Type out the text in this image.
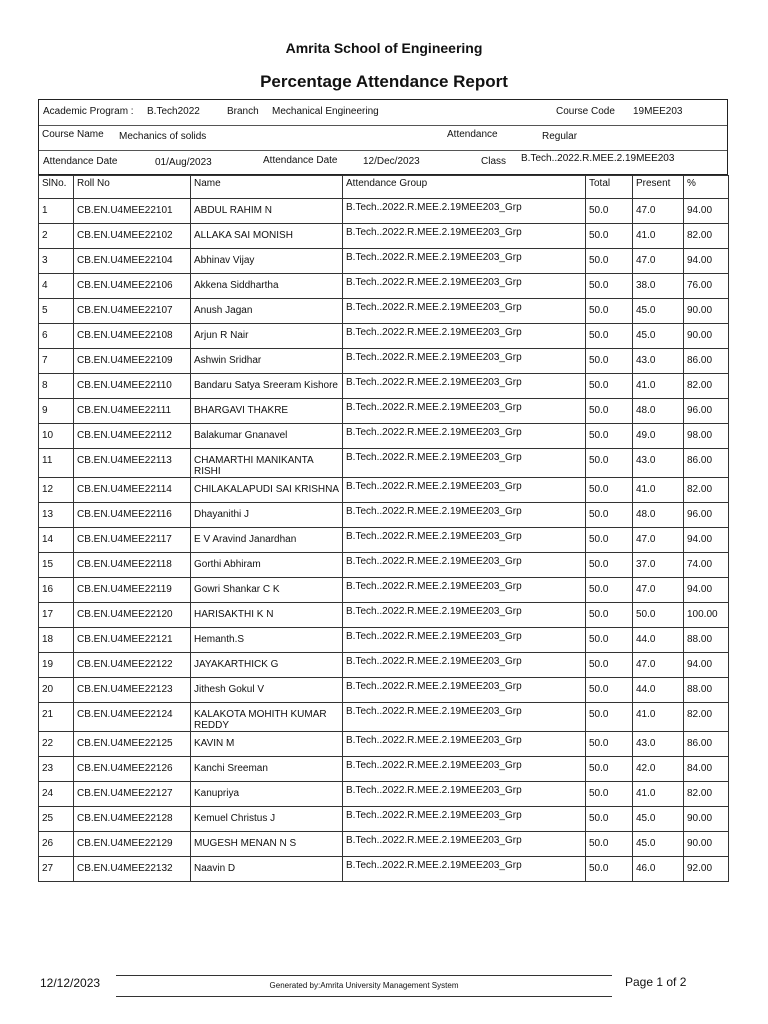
Amrita School of Engineering
Percentage Attendance Report
Academic Program : B.Tech2022	Branch Mechanical Engineering	Course Code 19MEE203
Course Name Mechanics of solids	Attendance	Regular
Attendance Date	01/Aug/2023	Attendance Date	12/Dec/2023	Class B.Tech..2022.R.MEE.2.19MEE203
SlNo.	Roll No	Name	Attendance Group	Total	Present	%
1	CB.EN.U4MEE22101	ABDUL RAHIM N	B.Tech..2022.R.MEE.2.19MEE203_Grp	50.0	47.0	94.00
2	CB.EN.U4MEE22102	ALLAKA SAI MONISH	B.Tech..2022.R.MEE.2.19MEE203_Grp	50.0	41.0	82.00
3	CB.EN.U4MEE22104	Abhinav Vijay	B.Tech..2022.R.MEE.2.19MEE203_Grp	50.0	47.0	94.00
4	CB.EN.U4MEE22106	Akkena Siddhartha	B.Tech..2022.R.MEE.2.19MEE203_Grp	50.0	38.0	76.00
5	CB.EN.U4MEE22107	Anush Jagan	B.Tech..2022.R.MEE.2.19MEE203_Grp	50.0	45.0	90.00
6	CB.EN.U4MEE22108	Arjun R Nair	B.Tech..2022.R.MEE.2.19MEE203_Grp	50.0	45.0	90.00
7	CB.EN.U4MEE22109	Ashwin Sridhar	B.Tech..2022.R.MEE.2.19MEE203_Grp	50.0	43.0	86.00
8	CB.EN.U4MEE22110	Bandaru Satya Sreeram Kishore	B.Tech..2022.R.MEE.2.19MEE203_Grp	50.0	41.0	82.00
9	CB.EN.U4MEE22111	BHARGAVI THAKRE	B.Tech..2022.R.MEE.2.19MEE203_Grp	50.0	48.0	96.00
10	CB.EN.U4MEE22112	Balakumar Gnanavel	B.Tech..2022.R.MEE.2.19MEE203_Grp	50.0	49.0	98.00
11	CB.EN.U4MEE22113	CHAMARTHI MANIKANTA RISHI	B.Tech..2022.R.MEE.2.19MEE203_Grp	50.0	43.0	86.00
12	CB.EN.U4MEE22114	CHILAKALAPUDI SAI KRISHNA	B.Tech..2022.R.MEE.2.19MEE203_Grp	50.0	41.0	82.00
13	CB.EN.U4MEE22116	Dhayanithi J	B.Tech..2022.R.MEE.2.19MEE203_Grp	50.0	48.0	96.00
14	CB.EN.U4MEE22117	E V Aravind Janardhan	B.Tech..2022.R.MEE.2.19MEE203_Grp	50.0	47.0	94.00
15	CB.EN.U4MEE22118	Gorthi Abhiram	B.Tech..2022.R.MEE.2.19MEE203_Grp	50.0	37.0	74.00
16	CB.EN.U4MEE22119	Gowri Shankar C K	B.Tech..2022.R.MEE.2.19MEE203_Grp	50.0	47.0	94.00
17	CB.EN.U4MEE22120	HARISAKTHI K N	B.Tech..2022.R.MEE.2.19MEE203_Grp	50.0	50.0	100.00
18	CB.EN.U4MEE22121	Hemanth.S	B.Tech..2022.R.MEE.2.19MEE203_Grp	50.0	44.0	88.00
19	CB.EN.U4MEE22122	JAYAKARTHICK G	B.Tech..2022.R.MEE.2.19MEE203_Grp	50.0	47.0	94.00
20	CB.EN.U4MEE22123	Jithesh Gokul V	B.Tech..2022.R.MEE.2.19MEE203_Grp	50.0	44.0	88.00
21	CB.EN.U4MEE22124	KALAKOTA MOHITH KUMAR REDDY	B.Tech..2022.R.MEE.2.19MEE203_Grp	50.0	41.0	82.00
22	CB.EN.U4MEE22125	KAVIN M	B.Tech..2022.R.MEE.2.19MEE203_Grp	50.0	43.0	86.00
23	CB.EN.U4MEE22126	Kanchi Sreeman	B.Tech..2022.R.MEE.2.19MEE203_Grp	50.0	42.0	84.00
24	CB.EN.U4MEE22127	Kanupriya	B.Tech..2022.R.MEE.2.19MEE203_Grp	50.0	41.0	82.00
25	CB.EN.U4MEE22128	Kemuel Christus J	B.Tech..2022.R.MEE.2.19MEE203_Grp	50.0	45.0	90.00
26	CB.EN.U4MEE22129	MUGESH MENAN N S	B.Tech..2022.R.MEE.2.19MEE203_Grp	50.0	45.0	90.00
27	CB.EN.U4MEE22132	Naavin D	B.Tech..2022.R.MEE.2.19MEE203_Grp	50.0	46.0	92.00
12/12/2023	Generated by:Amrita University Management System	Page 1 of 2
